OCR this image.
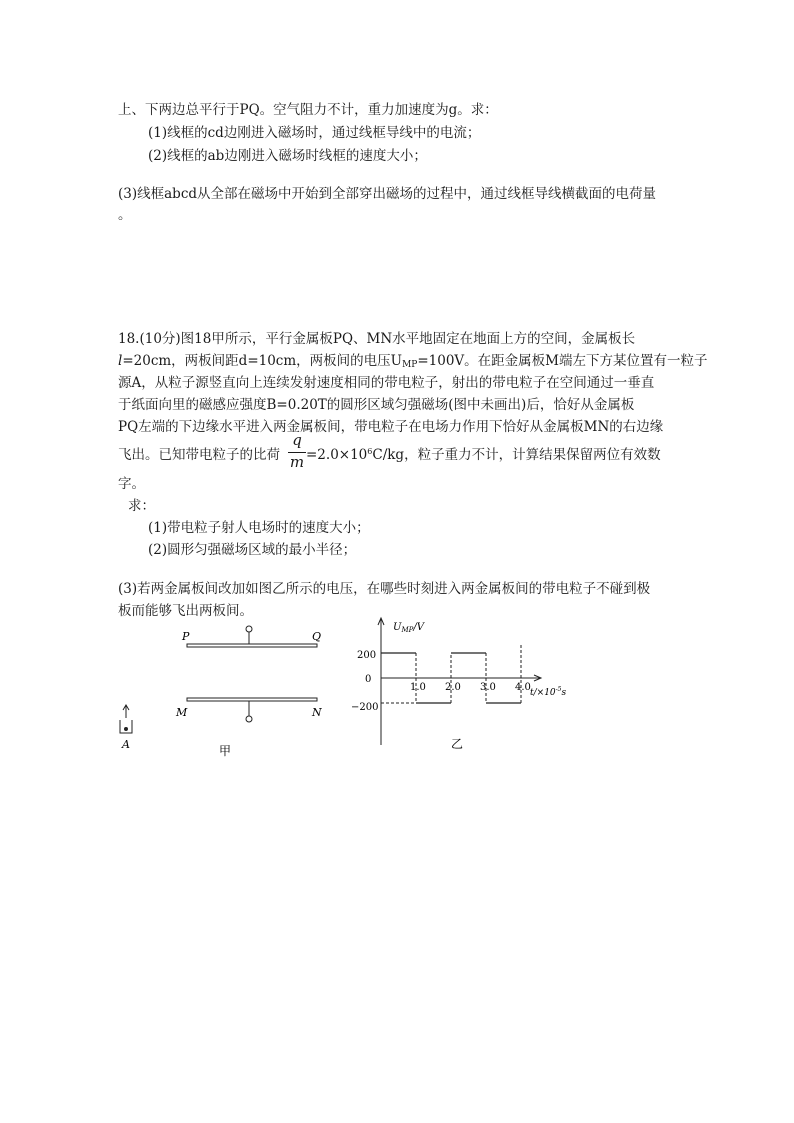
上、下两边总平行于PQ。空气阻力不计，重力加速度为g。求：
(1)线框的cd边刚进入磁场时，通过线框导线中的电流；
(2)线框的ab边刚进入磁场时线框的速度大小；
(3)线框abcd从全部在磁场中开始到全部穿出磁场的过程中，通过线框导线横截面的电荷量
。
18.(10分)图18甲所示，平行金属板PQ、MN水平地固定在地面上方的空间，金属板长
l=20cm，两板间距d=10cm，两板间的电压$U_{MP}=100V$。在距金属板M端左下方某位置有一粒子
源A，从粒子源竖直向上连续发射速度相同的带电粒子，射出的带电粒子在空间通过一垂直
于纸面向里的磁感应强度B=0.20T的圆形区域匀强磁场(图中未画出)后，恰好从金属板
PQ左端的下边缘水平进入两金属板间，带电粒子在电场力作用下恰好从金属板MN的右边缘
飞出。已知带电粒子的比荷 $=2.0\times 10^6C/kg$，粒子重力不计，计算结果保留两位有效数
q
m
字。
求：
(1)带电粒子射人电场时的速度大小；
(2)圆形匀强磁场区域的最小半径；
(3)若两金属板间改加如图乙所示的电压，在哪些时刻进入两金属板间的带电粒子不碰到极
板而能够飞出两板间。
P	Q
M	N
A	甲
$U_{MP}/V$
$t/\times 10^{-5}s$
0
200
−200
1.0 2.0 3.0 4.0
乙
